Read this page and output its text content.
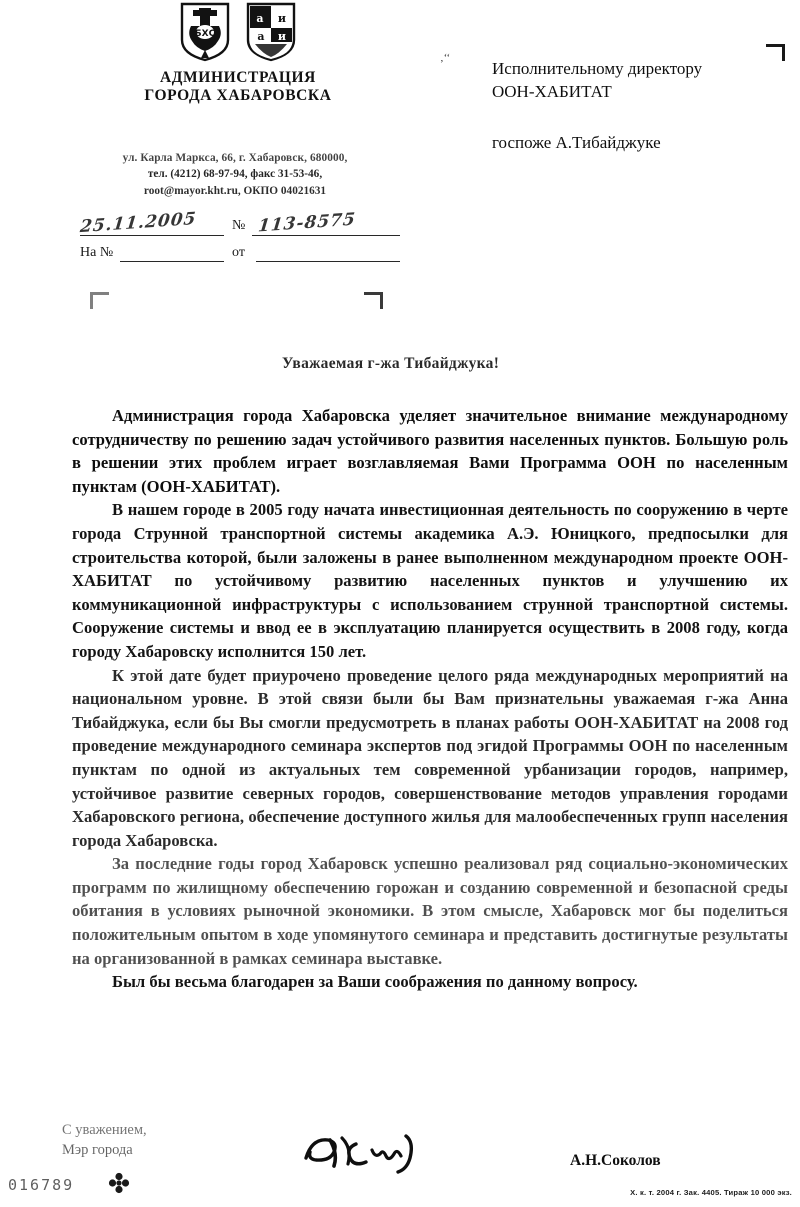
БХС
а
а
и
и
АДМИНИСТРАЦИЯ
ГОРОДА ХАБАРОВСКА
ул. Карла Маркса, 66, г. Хабаровск, 680000,
тел. (4212) 68-97-94, факс 31-53-46,
root@mayor.kht.ru, ОКПО 04021631
25.11.2005 № 113-8575
На №	от
‚‘‘
Исполнительному директору
ООН-ХАБИТАТ
госпоже А.Тибайджуке
Уважаемая г-жа Тибайджука!

Администрация города Хабаровска уделяет значительное внимание международному сотрудничеству по решению задач устойчивого развития населенных пунктов. Большую роль в решении этих проблем играет возглавляемая Вами Программа ООН по населенным пунктам (ООН-ХАБИТАТ).

В нашем городе в 2005 году начата инвестиционная деятельность по сооружению в черте города Струнной транспортной системы академика А.Э. Юницкого, предпосылки для строительства которой, были заложены в ранее выполненном международном проекте ООН-ХАБИТАТ по устойчивому развитию населенных пунктов и улучшению их коммуникационной инфраструктуры с использованием струнной транспортной системы. Сооружение системы и ввод ее в эксплуатацию планируется осуществить в 2008 году, когда городу Хабаровску исполнится 150 лет.

К этой дате будет приурочено проведение целого ряда международных мероприятий на национальном уровне. В этой связи были бы Вам признательны уважаемая г-жа Анна Тибайджука, если бы Вы смогли предусмотреть в планах работы ООН-ХАБИТАТ на 2008 год проведение международного семинара экспертов под эгидой Программы ООН по населенным пунктам по одной из актуальных тем современной урбанизации городов, например, устойчивое развитие северных городов, совершенствование методов управления городами Хабаровского региона, обеспечение доступного жилья для малообеспеченных групп населения города Хабаровска.

За последние годы город Хабаровск успешно реализовал ряд социально-экономических программ по жилищному обеспечению горожан и созданию современной и безопасной среды обитания в условиях рыночной экономики. В этом смысле, Хабаровск мог бы поделиться положительным опытом в ходе упомянутого семинара и представить достигнутые результаты на организованной в рамках семинара выставке.

Был бы весьма благодарен за Ваши соображения по данному вопросу.

С уважением,
Мэр города
А.Н.Соколов
016789	Х. к. т. 2004 г. Зак. 4405. Тираж 10 000 экз.
